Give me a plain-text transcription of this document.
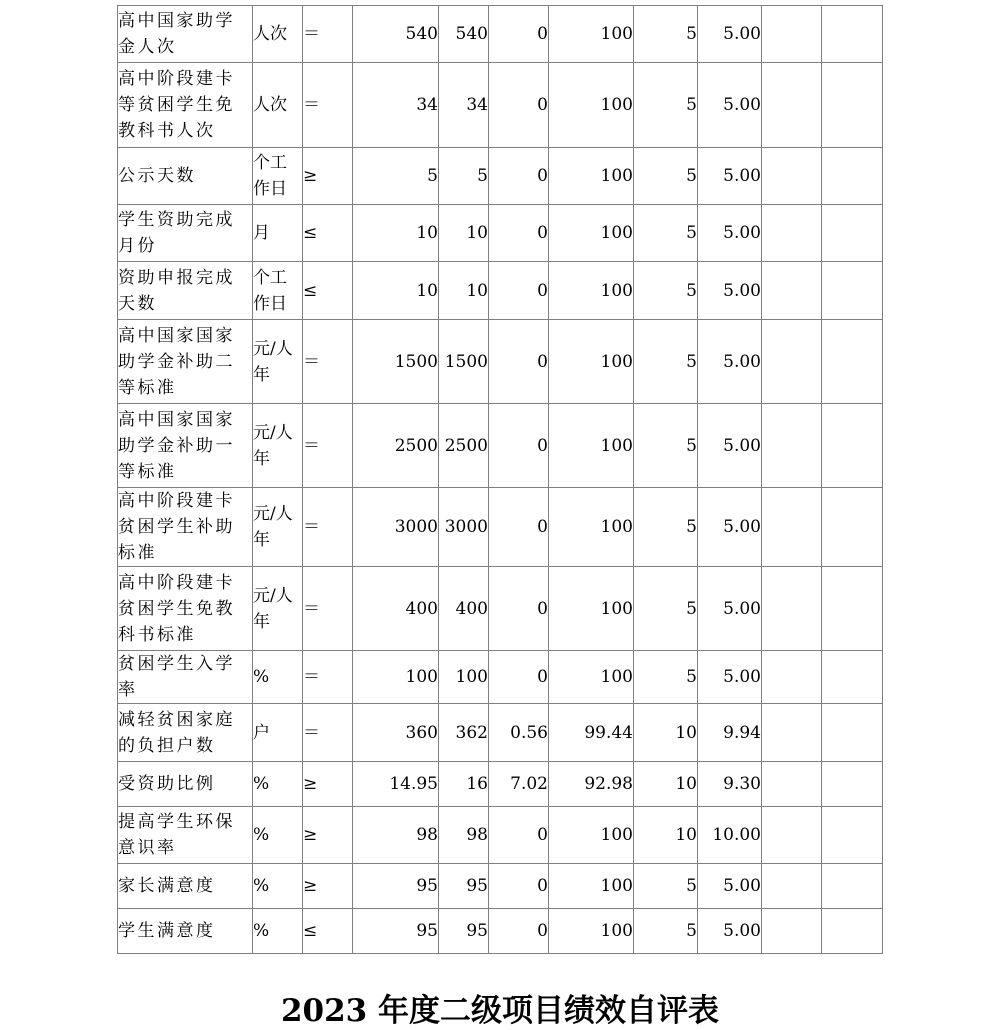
高中国家助学金人次	人次	＝	540	540	0	100	5	5.00		
高中阶段建卡等贫困学生免教科书人次	人次	＝	34	34	0	100	5	5.00		
公示天数	个工作日	≥	5	5	0	100	5	5.00		
学生资助完成月份	月	≤	10	10	0	100	5	5.00		
资助申报完成天数	个工作日	≤	10	10	0	100	5	5.00		
高中国家国家助学金补助二等标准	元/人年	＝	1500	1500	0	100	5	5.00		
高中国家国家助学金补助一等标准	元/人年	＝	2500	2500	0	100	5	5.00		
高中阶段建卡贫困学生补助标准	元/人年	＝	3000	3000	0	100	5	5.00		
高中阶段建卡贫困学生免教科书标准	元/人年	＝	400	400	0	100	5	5.00		
贫困学生入学率	%	＝	100	100	0	100	5	5.00		
减轻贫困家庭的负担户数	户	＝	360	362	0.56	99.44	10	9.94		
受资助比例	%	≥	14.95	16	7.02	92.98	10	9.30		
提高学生环保意识率	%	≥	98	98	0	100	10	10.00		
家长满意度	%	≥	95	95	0	100	5	5.00		
学生满意度	%	≤	95	95	0	100	5	5.00		
2023 年度二级项目绩效自评表
